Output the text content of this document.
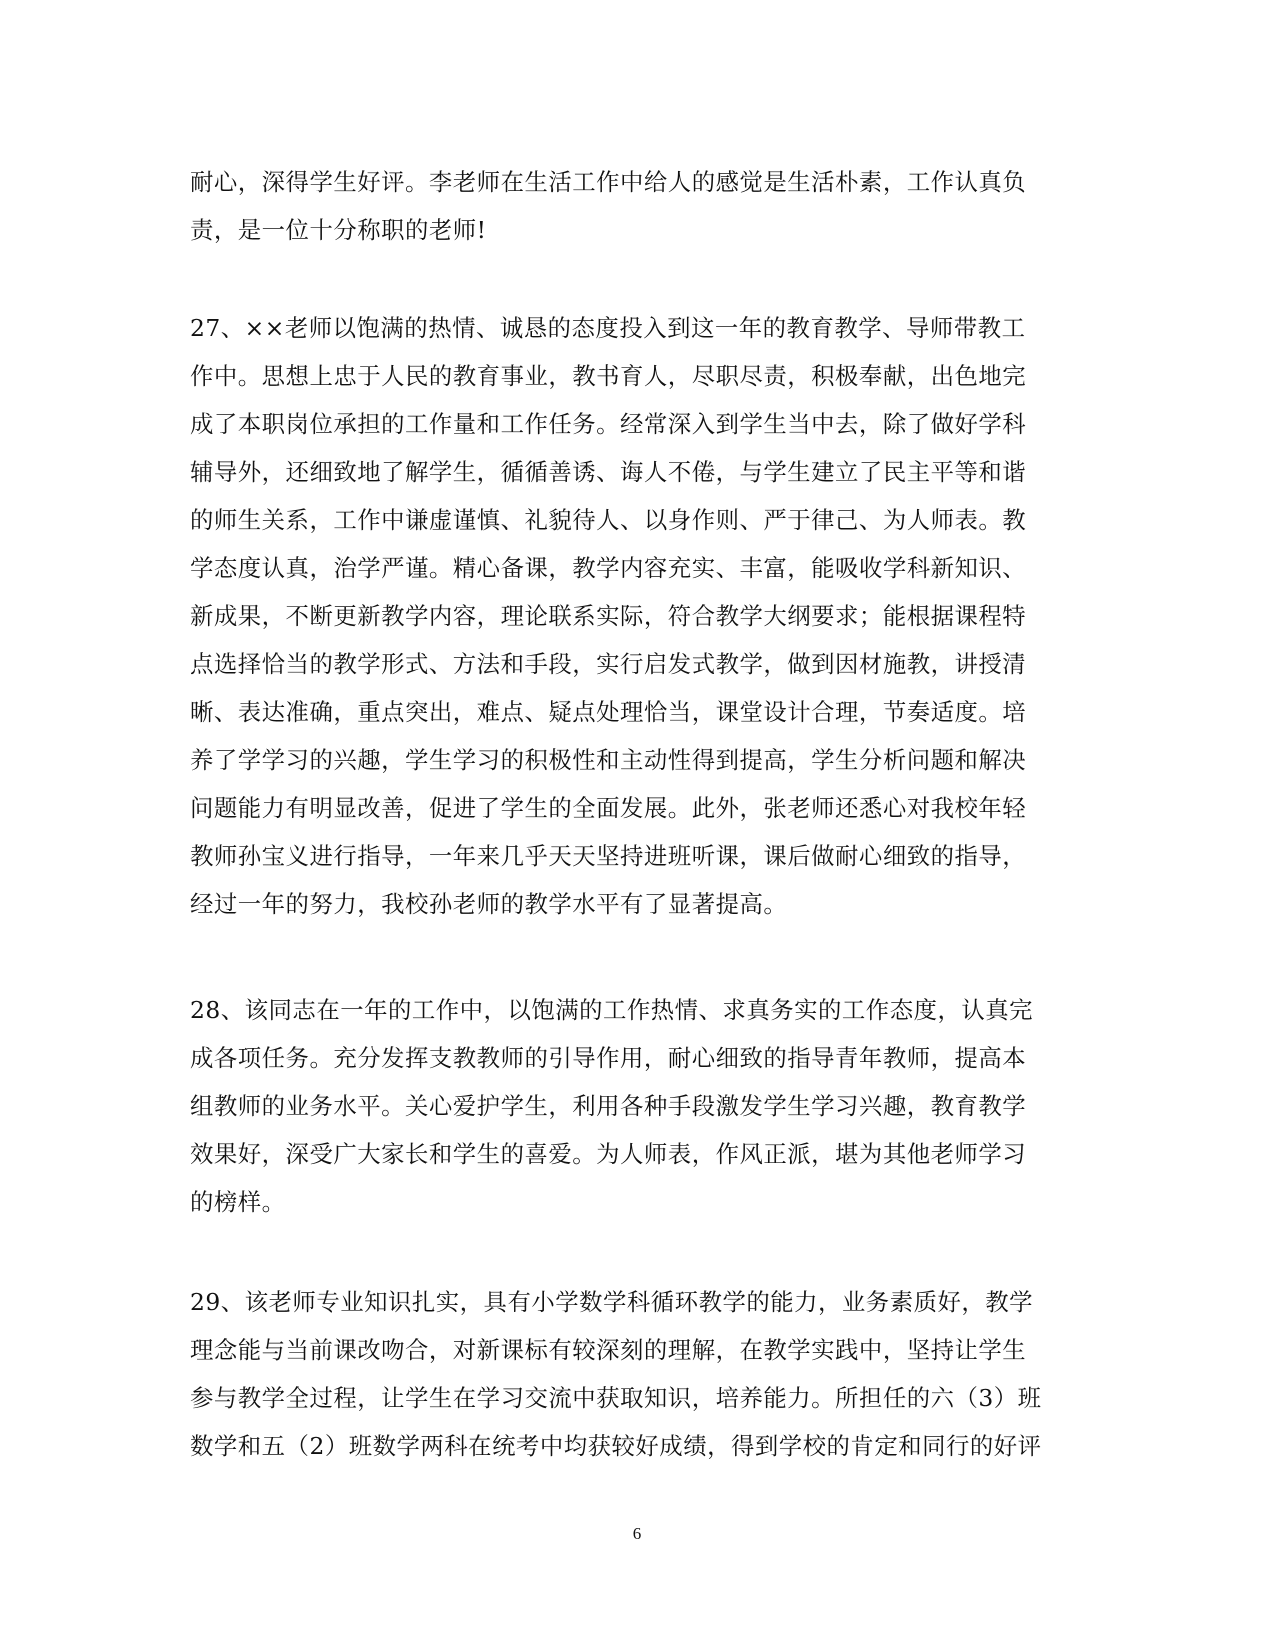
耐心，深得学生好评。李老师在生活工作中给人的感觉是生活朴素，工作认真负
责，是一位十分称职的老师!
27、××老师以饱满的热情、诚恳的态度投入到这一年的教育教学、导师带教工
作中。思想上忠于人民的教育事业，教书育人，尽职尽责，积极奉献，出色地完
成了本职岗位承担的工作量和工作任务。经常深入到学生当中去，除了做好学科
辅导外，还细致地了解学生，循循善诱、诲人不倦，与学生建立了民主平等和谐
的师生关系，工作中谦虚谨慎、礼貌待人、以身作则、严于律己、为人师表。教
学态度认真，治学严谨。精心备课，教学内容充实、丰富，能吸收学科新知识、
新成果，不断更新教学内容，理论联系实际，符合教学大纲要求；能根据课程特
点选择恰当的教学形式、方法和手段，实行启发式教学，做到因材施教，讲授清
晰、表达准确，重点突出，难点、疑点处理恰当，课堂设计合理，节奏适度。培
养了学学习的兴趣，学生学习的积极性和主动性得到提高，学生分析问题和解决
问题能力有明显改善，促进了学生的全面发展。此外，张老师还悉心对我校年轻
教师孙宝义进行指导，一年来几乎天天坚持进班听课，课后做耐心细致的指导，
经过一年的努力，我校孙老师的教学水平有了显著提高。
28、该同志在一年的工作中，以饱满的工作热情、求真务实的工作态度，认真完
成各项任务。充分发挥支教教师的引导作用，耐心细致的指导青年教师，提高本
组教师的业务水平。关心爱护学生，利用各种手段激发学生学习兴趣，教育教学
效果好，深受广大家长和学生的喜爱。为人师表，作风正派，堪为其他老师学习
的榜样。
29、该老师专业知识扎实，具有小学数学科循环教学的能力，业务素质好，教学
理念能与当前课改吻合，对新课标有较深刻的理解，在教学实践中，坚持让学生
参与教学全过程，让学生在学习交流中获取知识，培养能力。所担任的六（3）班
数学和五（2）班数学两科在统考中均获较好成绩，得到学校的肯定和同行的好评
6
